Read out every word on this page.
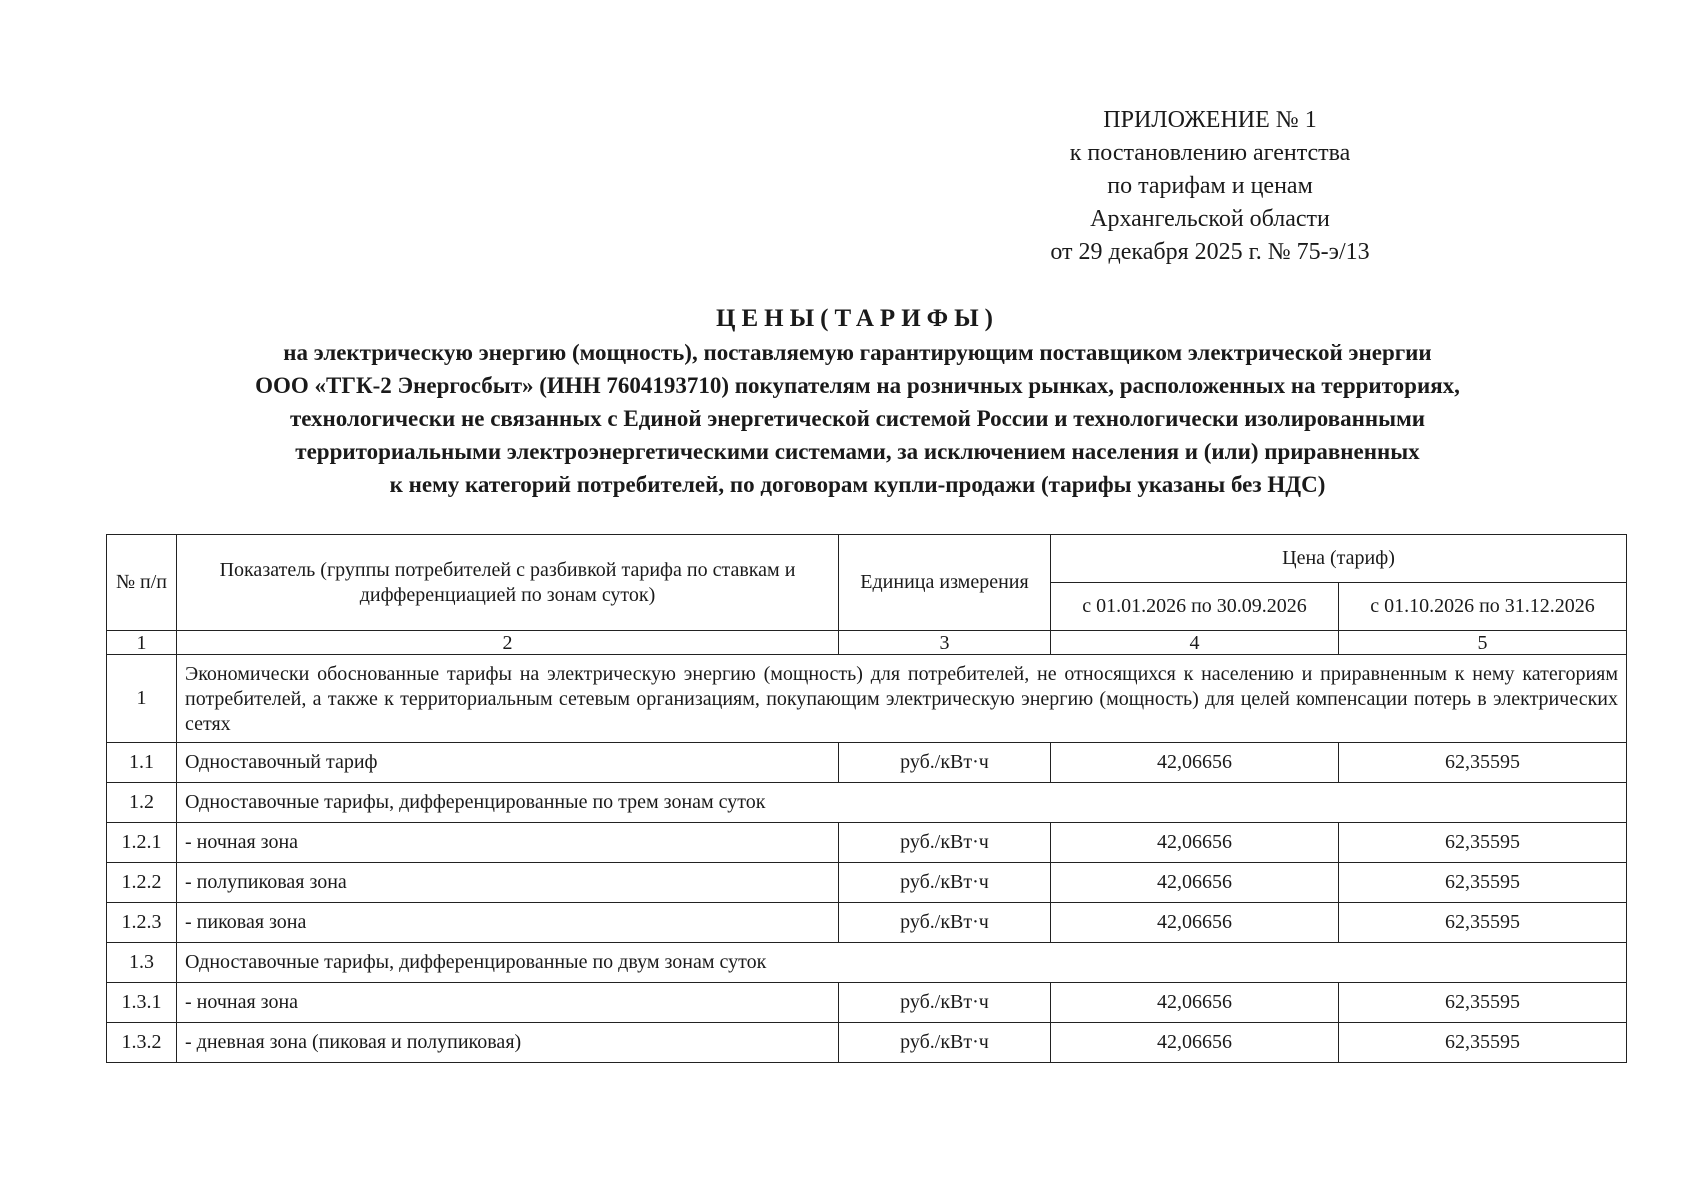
ПРИЛОЖЕНИЕ № 1
к постановлению агентства
по тарифам и ценам
Архангельской области
от 29 декабря 2025 г. № 75-э/13
ЦЕНЫ(ТАРИФЫ)
на электрическую энергию (мощность), поставляемую гарантирующим поставщиком электрической энергии
ООО «ТГК-2 Энергосбыт» (ИНН 7604193710) покупателям на розничных рынках, расположенных на территориях,
технологически не связанных с Единой энергетической системой России и технологически изолированными
территориальными электроэнергетическими системами, за исключением населения и (или) приравненных
к нему категорий потребителей, по договорам купли-продажи (тарифы указаны без НДС)
№ п/п	Показатель (группы потребителей с разбивкой тарифа по ставкам и дифференциацией по зонам суток)	Единица измерения	Цена (тариф)	
			с 01.01.2026 по 30.09.2026	с 01.10.2026 по 31.12.2026
1	2	3	4	5
1	Экономически обоснованные тарифы на электрическую энергию (мощность) для потребителей, не относящихся к населению и приравненным к нему категориям потребителей, а также к территориальным сетевым организациям, покупающим электрическую энергию (мощность) для целей компенсации потерь в электрических сетях			
1.1	Одноставочный тариф	руб./кВт·ч	42,06656	62,35595
1.2	Одноставочные тарифы, дифференцированные по трем зонам суток			
1.2.1	- ночная зона	руб./кВт·ч	42,06656	62,35595
1.2.2	- полупиковая зона	руб./кВт·ч	42,06656	62,35595
1.2.3	- пиковая зона	руб./кВт·ч	42,06656	62,35595
1.3	Одноставочные тарифы, дифференцированные по двум зонам суток			
1.3.1	- ночная зона	руб./кВт·ч	42,06656	62,35595
1.3.2	- дневная зона (пиковая и полупиковая)	руб./кВт·ч	42,06656	62,35595
